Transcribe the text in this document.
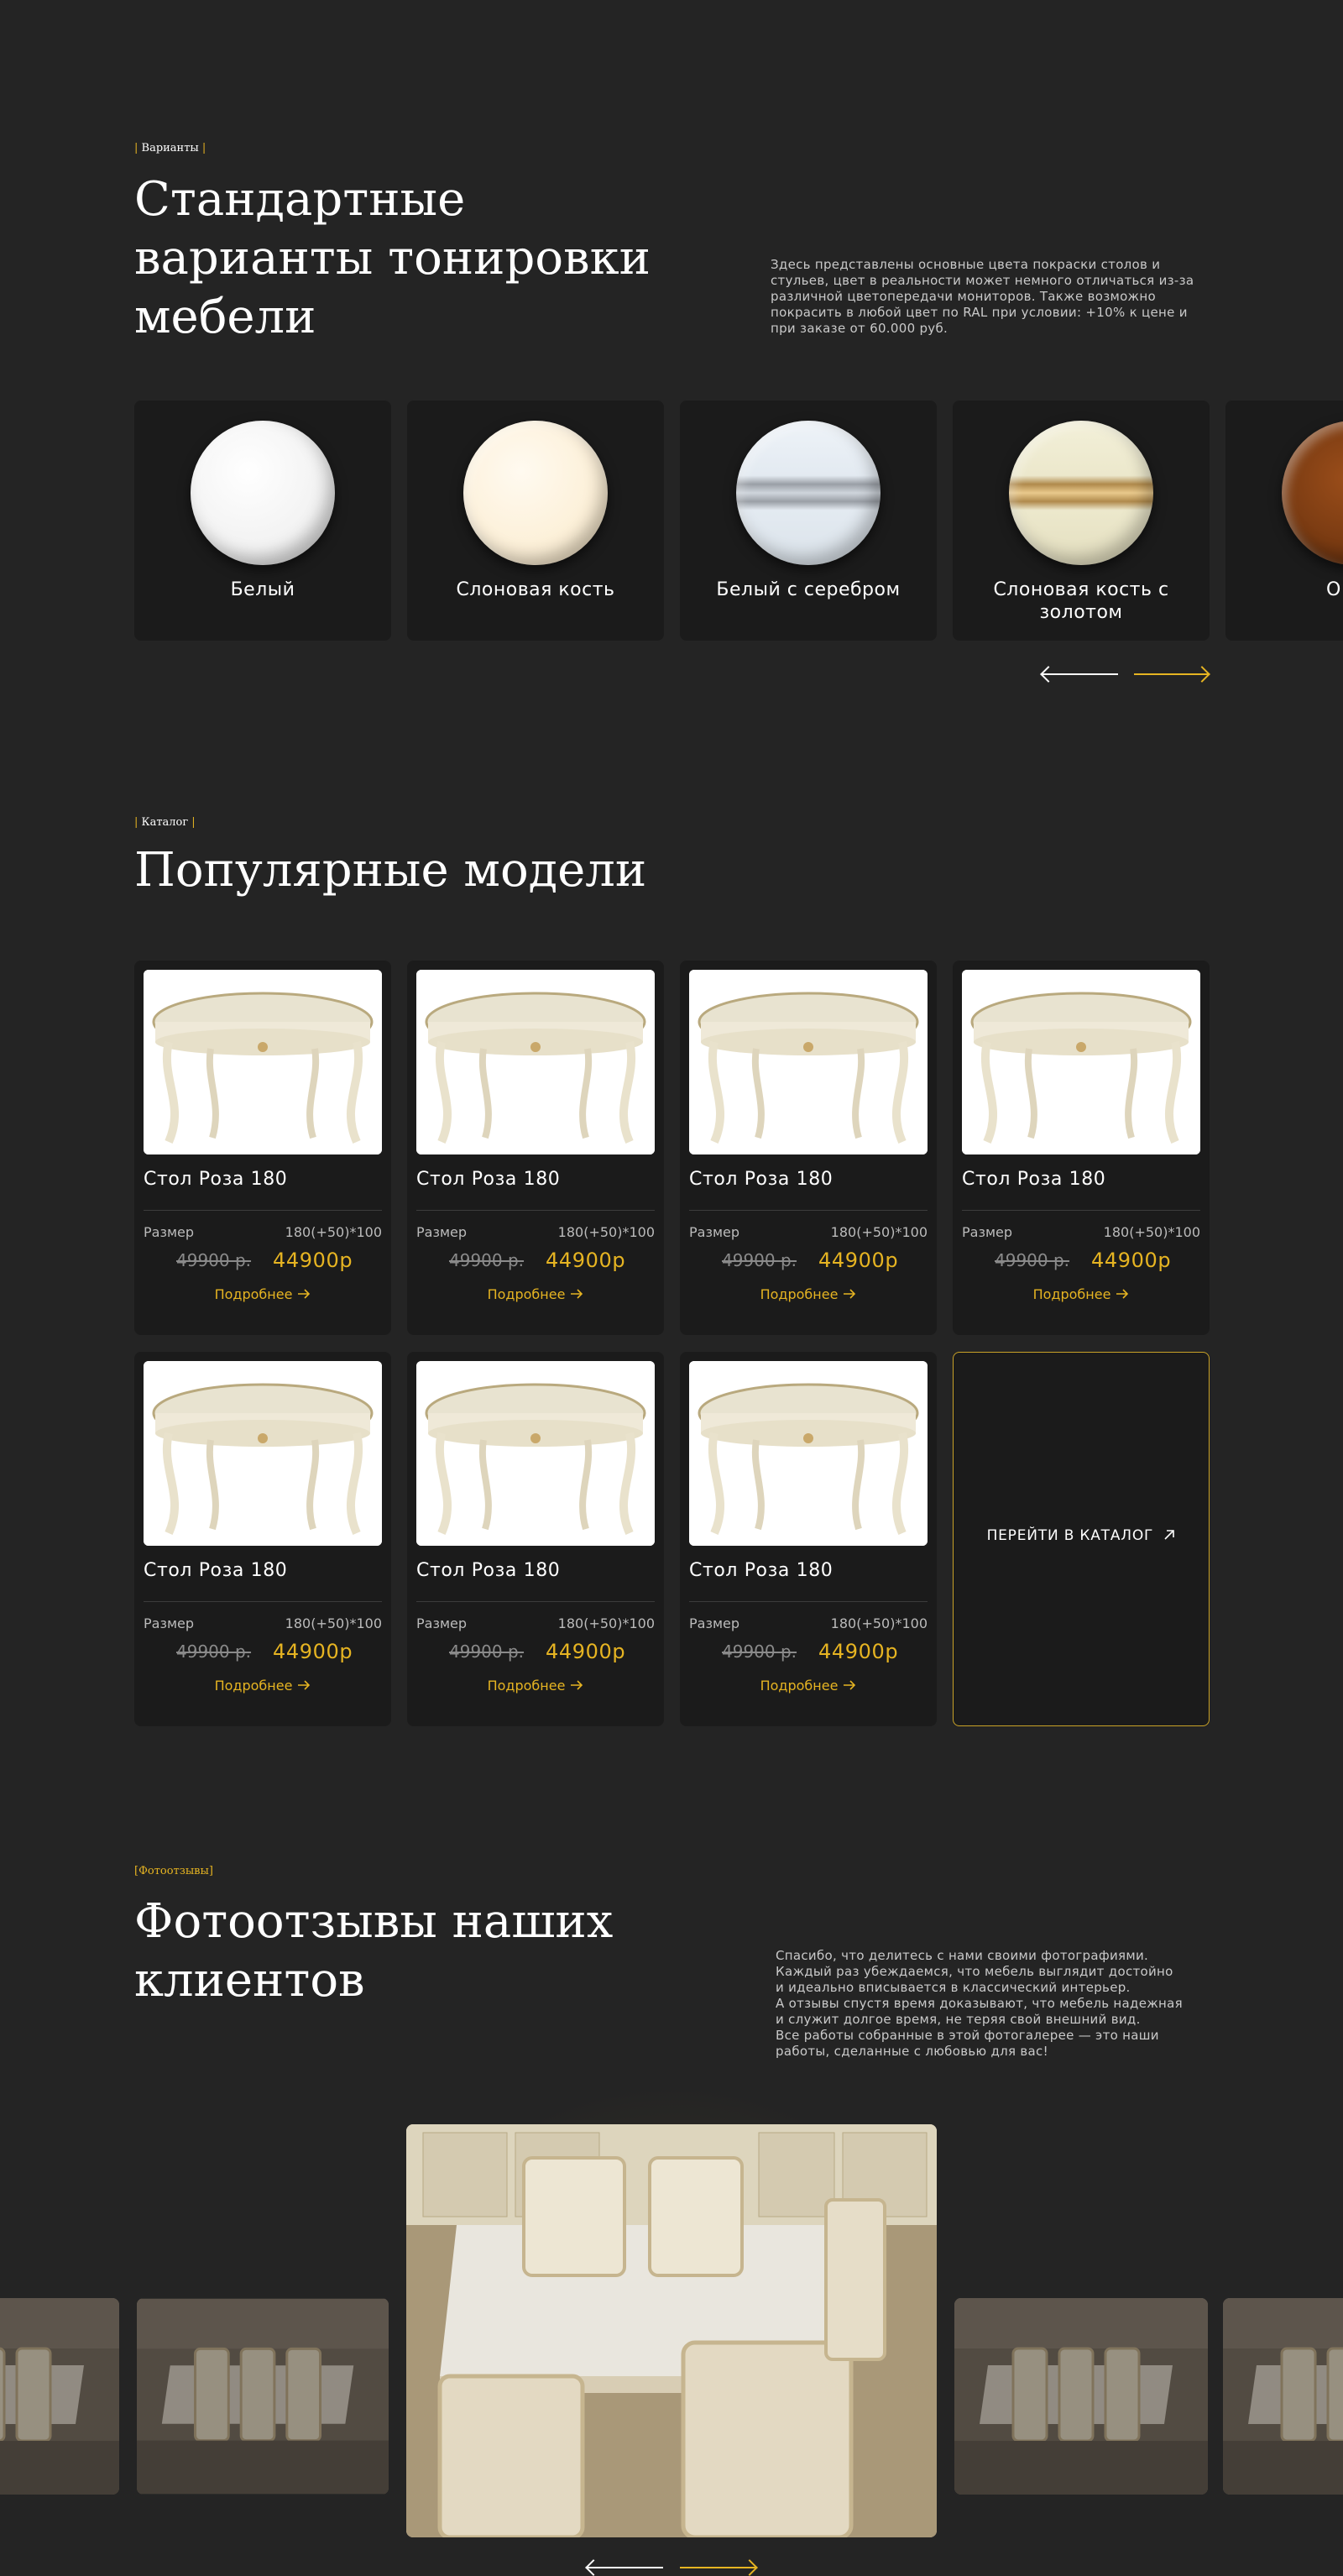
| Варианты |
Стандартные
варианты тонировки
мебели

Здесь представлены основные цвета покраски столов и стульев, цвет в реальности может немного отличаться из-за различной цветопередачи мониторов. Также возможно покрасить в любой цвет по RAL при условии: +10% к цене и при заказе от 60.000 руб.

Белый	Слоновая кость	Белый с серебром	Слоновая кость с золотом
О
| Каталог |
Популярные модели
Стол Роза 180
Размер	180(+50)*100
49900 р. 44900р
Подробнее
Стол Роза 180
Размер	180(+50)*100
49900 р. 44900р
Подробнее
Стол Роза 180
Размер	180(+50)*100
49900 р. 44900р
Подробнее
Стол Роза 180
Размер	180(+50)*100
49900 р. 44900р
Подробнее
Стол Роза 180
Размер	180(+50)*100
49900 р. 44900р
Подробнее
Стол Роза 180
Размер	180(+50)*100
49900 р. 44900р
Подробнее
Стол Роза 180
Размер	180(+50)*100
49900 р. 44900р
Подробнее
ПЕРЕЙТИ В КАТАЛОГ
[Фотоотзывы]
Фотоотзывы наших
клиентов	Спасибо, что делитесь с нами своими фотографиями.
Каждый раз убеждаемся, что мебель выглядит достойно
и идеально вписывается в классический интерьер.
А отзывы спустя время доказывают, что мебель надежная
и служит долгое время, не теряя свой внешний вид.
Все работы собранные в этой фотогалерее — это наши
работы, сделанные с любовью для вас!
